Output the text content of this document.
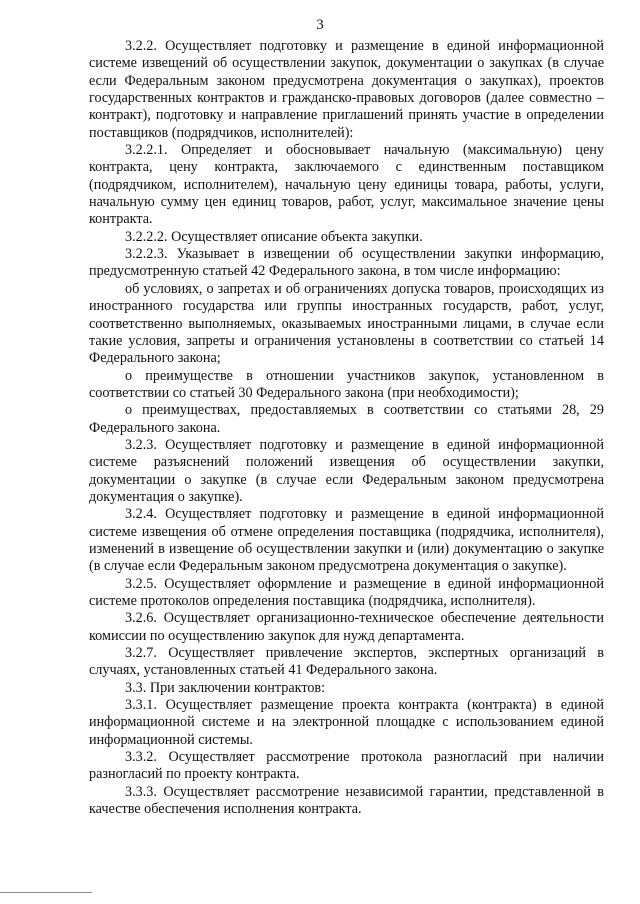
3

3.2.2. Осуществляет подготовку и размещение в единой информационной системе извещений об осуществлении закупок, документации о закупках (в случае если Федеральным законом предусмотрена документация о закупках), проектов государственных контрактов и гражданско-правовых договоров (далее совместно – контракт), подготовку и направление приглашений принять участие в определении поставщиков (подрядчиков, исполнителей):

3.2.2.1. Определяет и обосновывает начальную (максимальную) цену контракта, цену контракта, заключаемого с единственным поставщиком (подрядчиком, исполнителем), начальную цену единицы товара, работы, услуги, начальную сумму цен единиц товаров, работ, услуг, максимальное значение цены контракта.

3.2.2.2. Осуществляет описание объекта закупки.

3.2.2.3. Указывает в извещении об осуществлении закупки информацию, предусмотренную статьей 42 Федерального закона, в том числе информацию:

об условиях, о запретах и об ограничениях допуска товаров, происходящих из иностранного государства или группы иностранных государств, работ, услуг, соответственно выполняемых, оказываемых иностранными лицами, в случае если такие условия, запреты и ограничения установлены в соответствии со статьей 14 Федерального закона;

о преимуществе в отношении участников закупок, установленном в соответствии со статьей 30 Федерального закона (при необходимости);

о преимуществах, предоставляемых в соответствии со статьями 28, 29 Федерального закона.

3.2.3. Осуществляет подготовку и размещение в единой информационной системе разъяснений положений извещения об осуществлении закупки, документации о закупке (в случае если Федеральным законом предусмотрена документация о закупке).

3.2.4. Осуществляет подготовку и размещение в единой информационной системе извещения об отмене определения поставщика (подрядчика, исполнителя), изменений в извещение об осуществлении закупки и (или) документацию о закупке (в случае если Федеральным законом предусмотрена документация о закупке).

3.2.5. Осуществляет оформление и размещение в единой информационной системе протоколов определения поставщика (подрядчика, исполнителя).

3.2.6. Осуществляет организационно-техническое обеспечение деятельности комиссии по осуществлению закупок для нужд департамента.

3.2.7. Осуществляет привлечение экспертов, экспертных организаций в случаях, установленных статьей 41 Федерального закона.

3.3. При заключении контрактов:

3.3.1. Осуществляет размещение проекта контракта (контракта) в единой информационной системе и на электронной площадке с использованием единой информационной системы.

3.3.2. Осуществляет рассмотрение протокола разногласий при наличии разногласий по проекту контракта.

3.3.3. Осуществляет рассмотрение независимой гарантии, представленной в качестве обеспечения исполнения контракта.
